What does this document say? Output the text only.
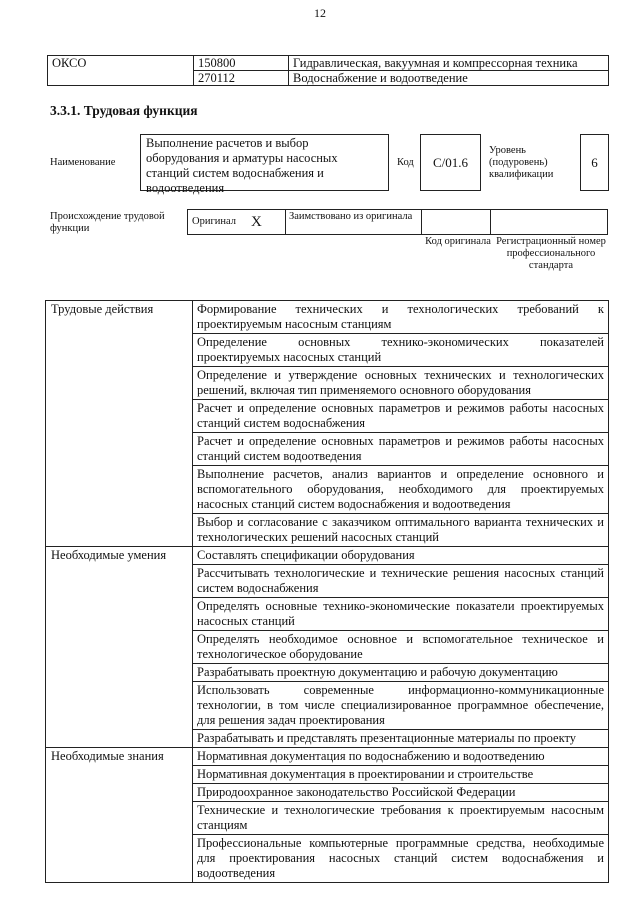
12
ОКСО	150800	Гидравлическая, вакуумная и компрессорная техника
	270112	Водоснабжение и водоотведение
3.3.1. Трудовая функция
Наименование
Выполнение расчетов и выбор оборудования и арматуры насосных станций систем водоснабжения и водоотведения
Код	C/01.6
Уровень (подуровень) квалификации
6
Происхождение трудовой функции
Оригинал X	Заимствовано из оригинала
Код оригинала Регистрационный номер профессионального стандарта
Трудовые действия	Формирование технических и технологических требований к проектируемым насосным станциям
	Определение основных технико-экономических показателей проектируемых насосных станций
	Определение и утверждение основных технических и технологических решений, включая тип применяемого основного оборудования
	Расчет и определение основных параметров и режимов работы насосных станций систем водоснабжения
	Расчет и определение основных параметров и режимов работы насосных станций систем водоотведения
	Выполнение расчетов, анализ вариантов и определение основного и вспомогательного оборудования, необходимого для проектируемых насосных станций систем водоснабжения и водоотведения
	Выбор и согласование с заказчиком оптимального варианта технических и технологических решений насосных станций
Необходимые умения	Составлять спецификации оборудования
	Рассчитывать технологические и технические решения насосных станций систем водоснабжения
	Определять основные технико-экономические показатели проектируемых насосных станций
	Определять необходимое основное и вспомогательное техническое и технологическое оборудование
	Разрабатывать проектную документацию и рабочую документацию
	Использовать современные информационно-коммуникационные технологии, в том числе специализированное программное обеспечение, для решения задач проектирования
	Разрабатывать и представлять презентационные материалы по проекту
Необходимые знания	Нормативная документация по водоснабжению и водоотведению
	Нормативная документация в проектировании и строительстве
	Природоохранное законодательство Российской Федерации
	Технические и технологические требования к проектируемым насосным станциям
	Профессиональные компьютерные программные средства, необходимые для проектирования насосных станций систем водоснабжения и водоотведения
